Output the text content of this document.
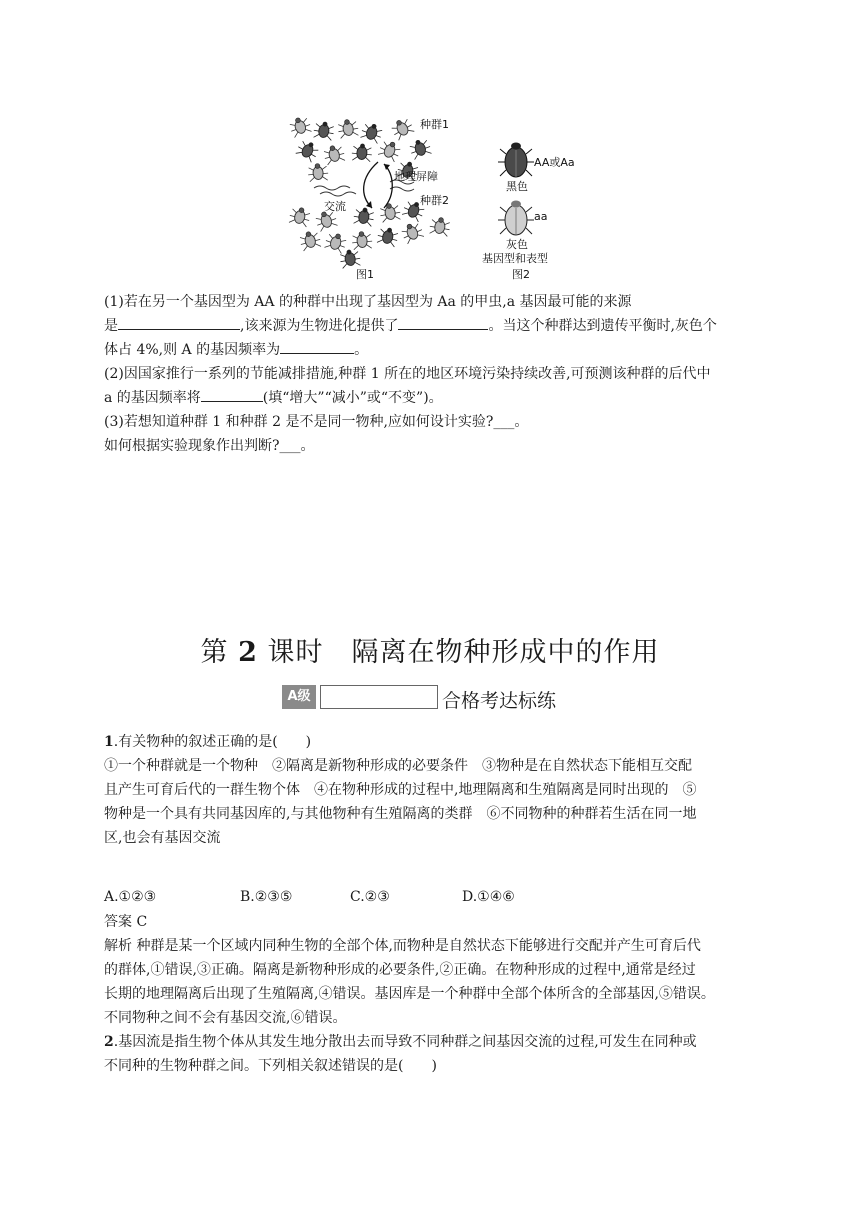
种群1
地理屏障
交流	种群2
图1
AA或Aa
黑色
aa
灰色
基因型和表型
图2
(1)若在另一个基因型为 AA 的种群中出现了基因型为 Aa 的甲虫,a 基因最可能的来源
是	,该来源为生物进化提供了	。当这个种群达到遗传平衡时,灰色个
体占 4%,则 A 的基因频率为	。
(2)因国家推行一系列的节能减排措施,种群 1 所在的地区环境污染持续改善,可预测该种群的后代中
a 的基因频率将	(填“增大”“减小”或“不变”)。
(3)若想知道种群 1 和种群 2 是不是同一物种,应如何设计实验?___。
如何根据实验现象作出判断?___。
第 2 课时　隔离在物种形成中的作用
A级	合格考达标练
1.有关物种的叙述正确的是(　　)
①一个种群就是一个物种　②隔离是新物种形成的必要条件　③物种是在自然状态下能相互交配
且产生可育后代的一群生物个体　④在物种形成的过程中,地理隔离和生殖隔离是同时出现的　⑤
物种是一个具有共同基因库的,与其他物种有生殖隔离的类群　⑥不同物种的种群若生活在同一地
区,也会有基因交流
A.①②③	B.②③⑤	C.②③	D.①④⑥
答案 C
解析 种群是某一个区域内同种生物的全部个体,而物种是自然状态下能够进行交配并产生可育后代
的群体,①错误,③正确。隔离是新物种形成的必要条件,②正确。在物种形成的过程中,通常是经过
长期的地理隔离后出现了生殖隔离,④错误。基因库是一个种群中全部个体所含的全部基因,⑤错误。
不同物种之间不会有基因交流,⑥错误。
2.基因流是指生物个体从其发生地分散出去而导致不同种群之间基因交流的过程,可发生在同种或
不同种的生物种群之间。下列相关叙述错误的是(　　)
